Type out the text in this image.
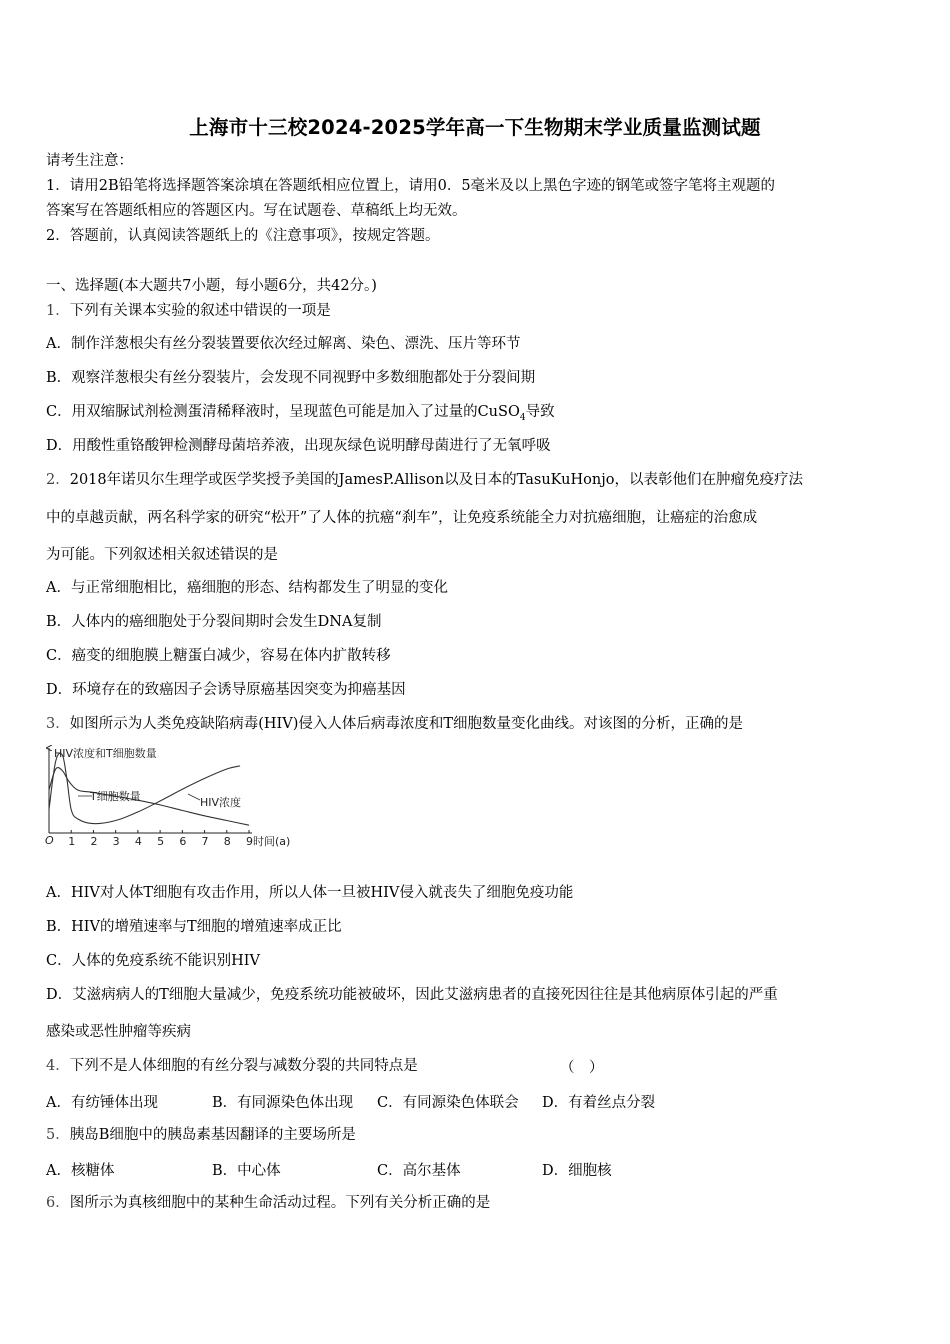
上海市十三校2024-2025学年高一下生物期末学业质量监测试题
请考生注意：
1．请用2B铅笔将选择题答案涂填在答题纸相应位置上，请用0．5毫米及以上黑色字迹的钢笔或签字笔将主观题的
答案写在答题纸相应的答题区内。写在试题卷、草稿纸上均无效。
2．答题前，认真阅读答题纸上的《注意事项》，按规定答题。
一、选择题(本大题共7小题，每小题6分，共42分。)
1．下列有关课本实验的叙述中错误的一项是
A．制作洋葱根尖有丝分裂装置要依次经过解离、染色、漂洗、压片等环节
B．观察洋葱根尖有丝分裂装片，会发现不同视野中多数细胞都处于分裂间期
C．用双缩脲试剂检测蛋清稀释液时，呈现蓝色可能是加入了过量的CuSO$_4$导致
D．用酸性重铬酸钾检测酵母菌培养液，出现灰绿色说明酵母菌进行了无氧呼吸
2．2018年诺贝尔生理学或医学奖授予美国的JamesP.Allison以及日本的TasuKuHonjo，以表彰他们在肿瘤免疫疗法
中的卓越贡献，两名科学家的研究“松开”了人体的抗癌“刹车”，让免疫系统能全力对抗癌细胞，让癌症的治愈成
为可能。下列叙述相关叙述错误的是
A．与正常细胞相比，癌细胞的形态、结构都发生了明显的变化
B．人体内的癌细胞处于分裂间期时会发生DNA复制
C．癌变的细胞膜上糖蛋白减少，容易在体内扩散转移
D．环境存在的致癌因子会诱导原癌基因突变为抑癌基因
3．如图所示为人类免疫缺陷病毒(HIV)侵入人体后病毒浓度和T细胞数量变化曲线。对该图的分析，正确的是
HIV浓度和T细胞数量
O	时间(a)
1 2 3 4 5 6 7 8 9
T细胞数量	HIV浓度
A．HIV对人体T细胞有攻击作用，所以人体一旦被HIV侵入就丧失了细胞免疫功能
B．HIV的增殖速率与T细胞的增殖速率成正比
C．人体的免疫系统不能识别HIV
D．艾滋病病人的T细胞大量减少，免疫系统功能被破坏，因此艾滋病患者的直接死因往往是其他病原体引起的严重
感染或恶性肿瘤等疾病
4．下列不是人体细胞的有丝分裂与减数分裂的共同特点是	（　）
A．有纺锤体出现	B．有同源染色体出现 C．有同源染色体联会 D．有着丝点分裂
5．胰岛B细胞中的胰岛素基因翻译的主要场所是
A．核糖体	B．中心体	C．高尔基体	D．细胞核
6．图所示为真核细胞中的某种生命活动过程。下列有关分析正确的是
